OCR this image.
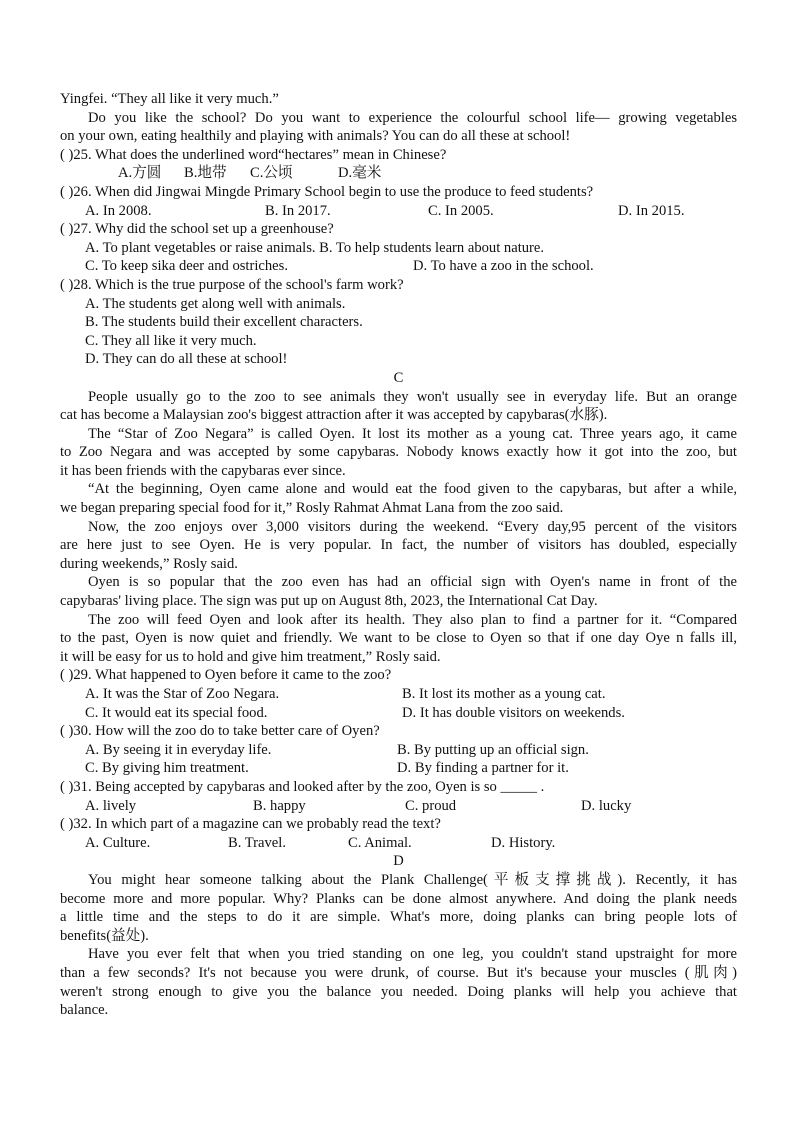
Yingfei. “They all like it very much.”
Do you like the school? Do you want to experience the colourful school life— growing vegetables
on your own, eating healthily and playing with animals? You can do all these at school!
( )25. What does the underlined word“hectares” mean in Chinese?
A.方圆	B.地带	C.公顷	D.毫米
( )26. When did Jingwai Mingde Primary School begin to use the produce to feed students?
A. In 2008.	B. In 2017.	C. In 2005.	D. In 2015.
( )27. Why did the school set up a greenhouse?
A. To plant vegetables or raise animals. B. To help students learn about nature.
C. To keep sika deer and ostriches.	D. To have a zoo in the school.
( )28. Which is the true purpose of the school's farm work?
A. The students get along well with animals.
B. The students build their excellent characters.
C. They all like it very much.
D. They can do all these at school!
C
People usually go to the zoo to see animals they won't usually see in everyday life. But an orange
cat has become a Malaysian zoo's biggest attraction after it was accepted by capybaras(水豚).
The “Star of Zoo Negara” is called Oyen. It lost its mother as a young cat. Three years ago, it came
to Zoo Negara and was accepted by some capybaras. Nobody knows exactly how it got into the zoo, but
it has been friends with the capybaras ever since.
“At the beginning, Oyen came alone and would eat the food given to the capybaras, but after a while,
we began preparing special food for it,” Rosly Rahmat Ahmat Lana from the zoo said.
Now, the zoo enjoys over 3,000 visitors during the weekend. “Every day,95 percent of the visitors
are here just to see Oyen. He is very popular. In fact, the number of visitors has doubled, especially
during weekends,” Rosly said.
Oyen is so popular that the zoo even has had an official sign with Oyen's name in front of the
capybaras' living place. The sign was put up on August 8th, 2023, the International Cat Day.
The zoo will feed Oyen and look after its health. They also plan to find a partner for it. “Compared
to the past, Oyen is now quiet and friendly. We want to be close to Oyen so that if one day Oye n falls ill,
it will be easy for us to hold and give him treatment,” Rosly said.
( )29. What happened to Oyen before it came to the zoo?
A. It was the Star of Zoo Negara.	B. It lost its mother as a young cat.
C. It would eat its special food.	D. It has double visitors on weekends.
( )30. How will the zoo do to take better care of Oyen?
A. By seeing it in everyday life.	B. By putting up an official sign.
C. By giving him treatment.	D. By finding a partner for it.
( )31. Being accepted by capybaras and looked after by the zoo, Oyen is so _____ .
A. lively	B. happy	C. proud	D. lucky
( )32. In which part of a magazine can we probably read the text?
A. Culture.	B. Travel.	C. Animal.	D. History.
D
You might hear someone talking about the Plank Challenge(平板支撑挑战). Recently, it has
become more and more popular. Why? Planks can be done almost anywhere. And doing the plank needs
a little time and the steps to do it are simple. What's more, doing planks can bring people lots of
benefits(益处).
Have you ever felt that when you tried standing on one leg, you couldn't stand upstraight for more
than a few seconds? It's not because you were drunk, of course. But it's because your muscles (肌肉)
weren't strong enough to give you the balance you needed. Doing planks will help you achieve that
balance.
